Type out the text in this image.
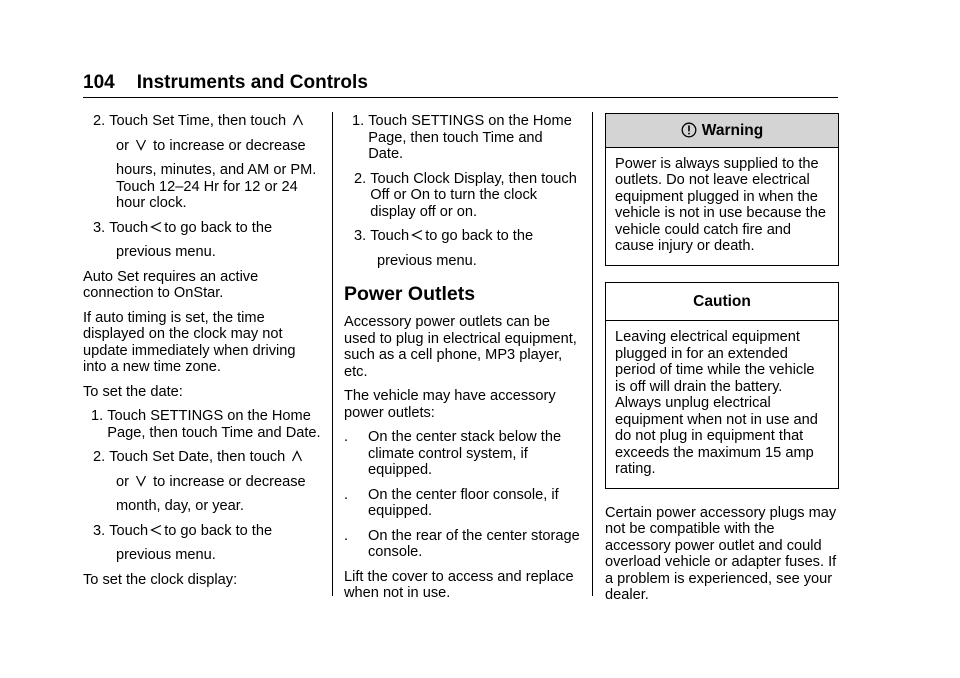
104 Instruments and Controls
2. Touch Set Time, then touch

or to increase or decrease

hours, minutes, and AM or PM. Touch 12–24 Hr for 12 or 24 hour clock.

3. Touch to go back to the

previous menu.

Auto Set requires an active connection to OnStar.

If auto timing is set, the time displayed on the clock may not update immediately when driving into a new time zone.

To set the date:

1. Touch SETTINGS on the Home Page, then touch Time and Date.
2. Touch Set Date, then touch

or to increase or decrease

month, day, or year.

3. Touch to go back to the

previous menu.

To set the clock display:

1. Touch SETTINGS on the Home Page, then touch Time and Date.
2. Touch Clock Display, then touch Off or On to turn the clock display off or on.
3. Touch to go back to the

previous menu.

Power Outlets

Accessory power outlets can be used to plug in electrical equipment, such as a cell phone, MP3 player, etc.

The vehicle may have accessory power outlets:

.	On the center stack below the climate control system, if equipped.
.	On the center floor console, if equipped.
.	On the rear of the center storage console.

Lift the cover to access and replace when not in use.

Warning

Power is always supplied to the outlets. Do not leave electrical equipment plugged in when the vehicle is not in use because the vehicle could catch fire and cause injury or death.

Caution

Leaving electrical equipment plugged in for an extended period of time while the vehicle is off will drain the battery. Always unplug electrical equipment when not in use and do not plug in equipment that exceeds the maximum 15 amp rating.

Certain power accessory plugs may not be compatible with the accessory power outlet and could overload vehicle or adapter fuses. If a problem is experienced, see your dealer.
